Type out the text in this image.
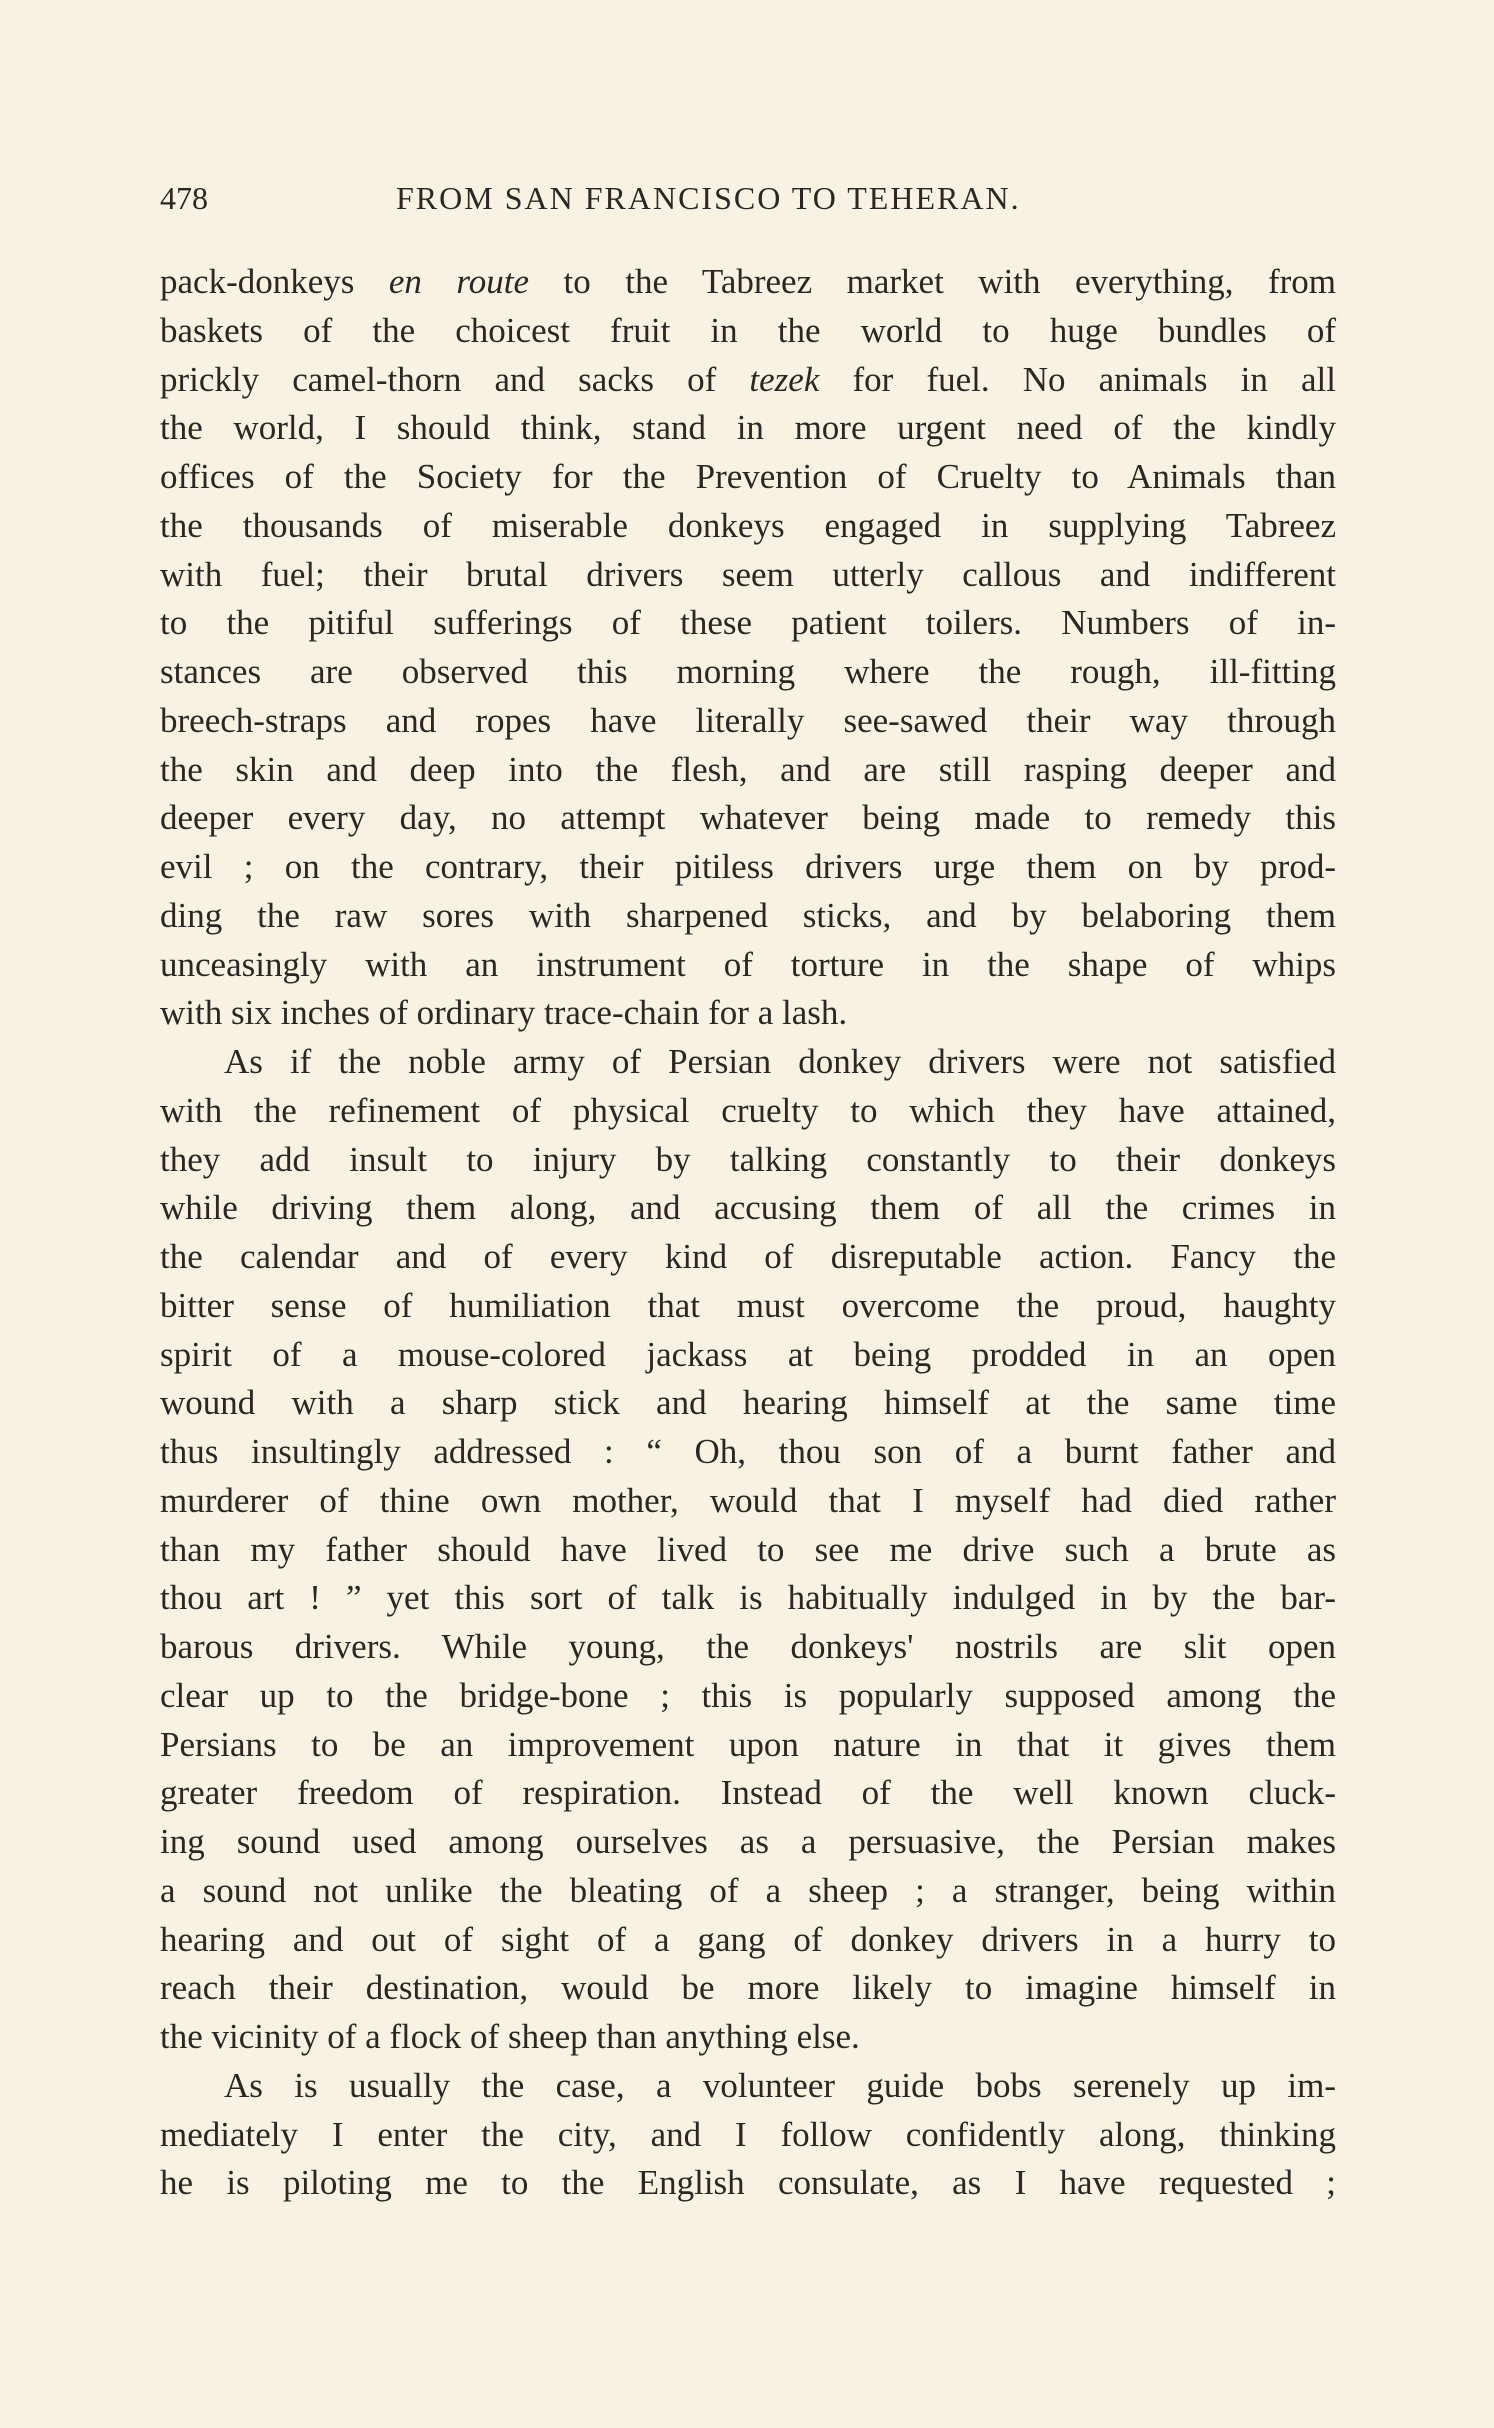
478	FROM SAN FRANCISCO TO TEHERAN.
pack-donkeys en route to the Tabreez market with everything, from
baskets of the choicest fruit in the world to huge bundles of
prickly camel-thorn and sacks of tezek for fuel. No animals in all
the world, I should think, stand in more urgent need of the kindly
offices of the Society for the Prevention of Cruelty to Animals than
the thousands of miserable donkeys engaged in supplying Tabreez
with fuel; their brutal drivers seem utterly callous and indifferent
to the pitiful sufferings of these patient toilers. Numbers of in-
stances are observed this morning where the rough, ill-fitting
breech-straps and ropes have literally see-sawed their way through
the skin and deep into the flesh, and are still rasping deeper and
deeper every day, no attempt whatever being made to remedy this
evil ; on the contrary, their pitiless drivers urge them on by prod-
ding the raw sores with sharpened sticks, and by belaboring them
unceasingly with an instrument of torture in the shape of whips
with six inches of ordinary trace-chain for a lash.
As if the noble army of Persian donkey drivers were not satisfied
with the refinement of physical cruelty to which they have attained,
they add insult to injury by talking constantly to their donkeys
while driving them along, and accusing them of all the crimes in
the calendar and of every kind of disreputable action. Fancy the
bitter sense of humiliation that must overcome the proud, haughty
spirit of a mouse-colored jackass at being prodded in an open
wound with a sharp stick and hearing himself at the same time
thus insultingly addressed : “ Oh, thou son of a burnt father and
murderer of thine own mother, would that I myself had died rather
than my father should have lived to see me drive such a brute as
thou art ! ” yet this sort of talk is habitually indulged in by the bar-
barous drivers. While young, the donkeys' nostrils are slit open
clear up to the bridge-bone ; this is popularly supposed among the
Persians to be an improvement upon nature in that it gives them
greater freedom of respiration. Instead of the well known cluck-
ing sound used among ourselves as a persuasive, the Persian makes
a sound not unlike the bleating of a sheep ; a stranger, being within
hearing and out of sight of a gang of donkey drivers in a hurry to
reach their destination, would be more likely to imagine himself in
the vicinity of a flock of sheep than anything else.
As is usually the case, a volunteer guide bobs serenely up im-
mediately I enter the city, and I follow confidently along, thinking
he is piloting me to the English consulate, as I have requested ;
